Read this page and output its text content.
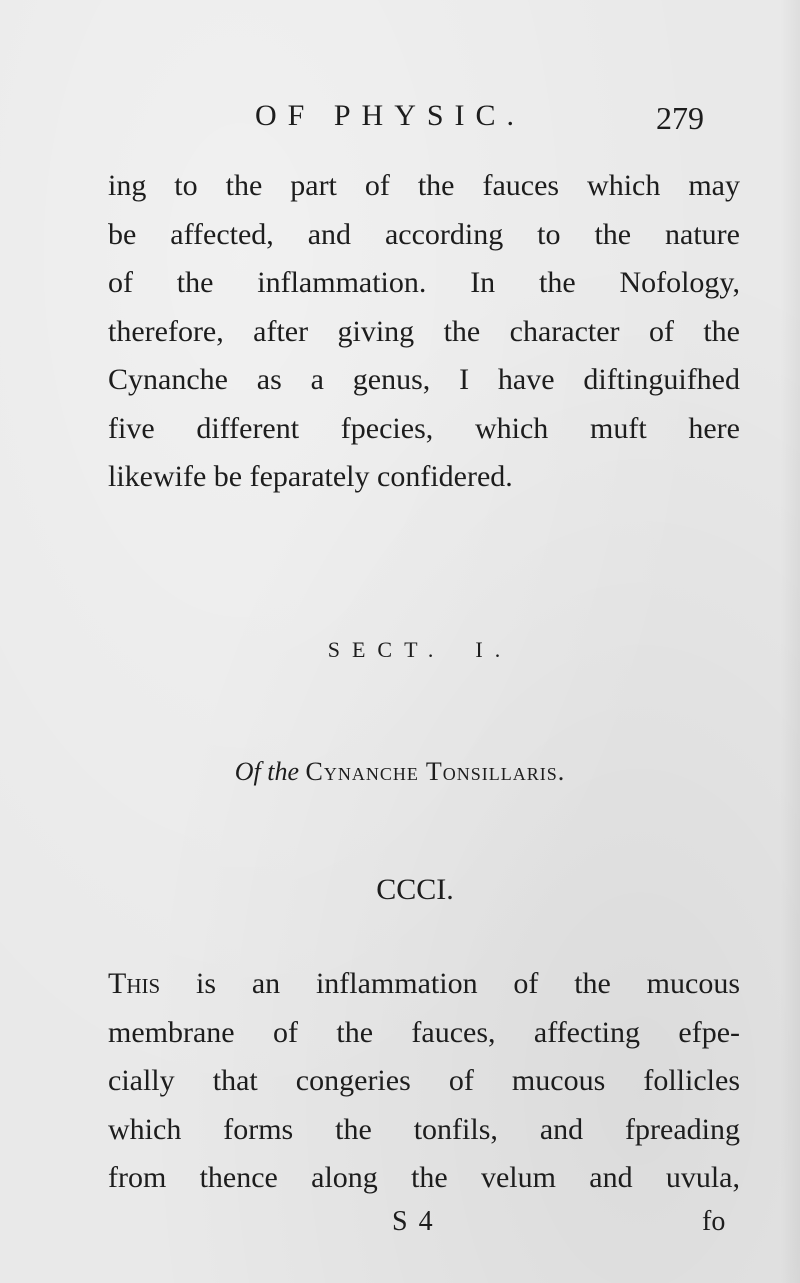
OF PHYSIC.	279
ing to the part of the fauces which may
be affected, and according to the nature
of the inflammation. In the Nofology,
therefore, after giving the character of the
Cynanche as a genus, I have diftinguifhed
five different fpecies, which muft here
likewife be feparately confidered.
SECT. I.
Of the Cynanche Tonsillaris.
CCCI.
This is an inflammation of the mucous
membrane of the fauces, affecting efpe-
cially that congeries of mucous follicles
which forms the tonfils, and fpreading
from thence along the velum and uvula,
S 4	fo
